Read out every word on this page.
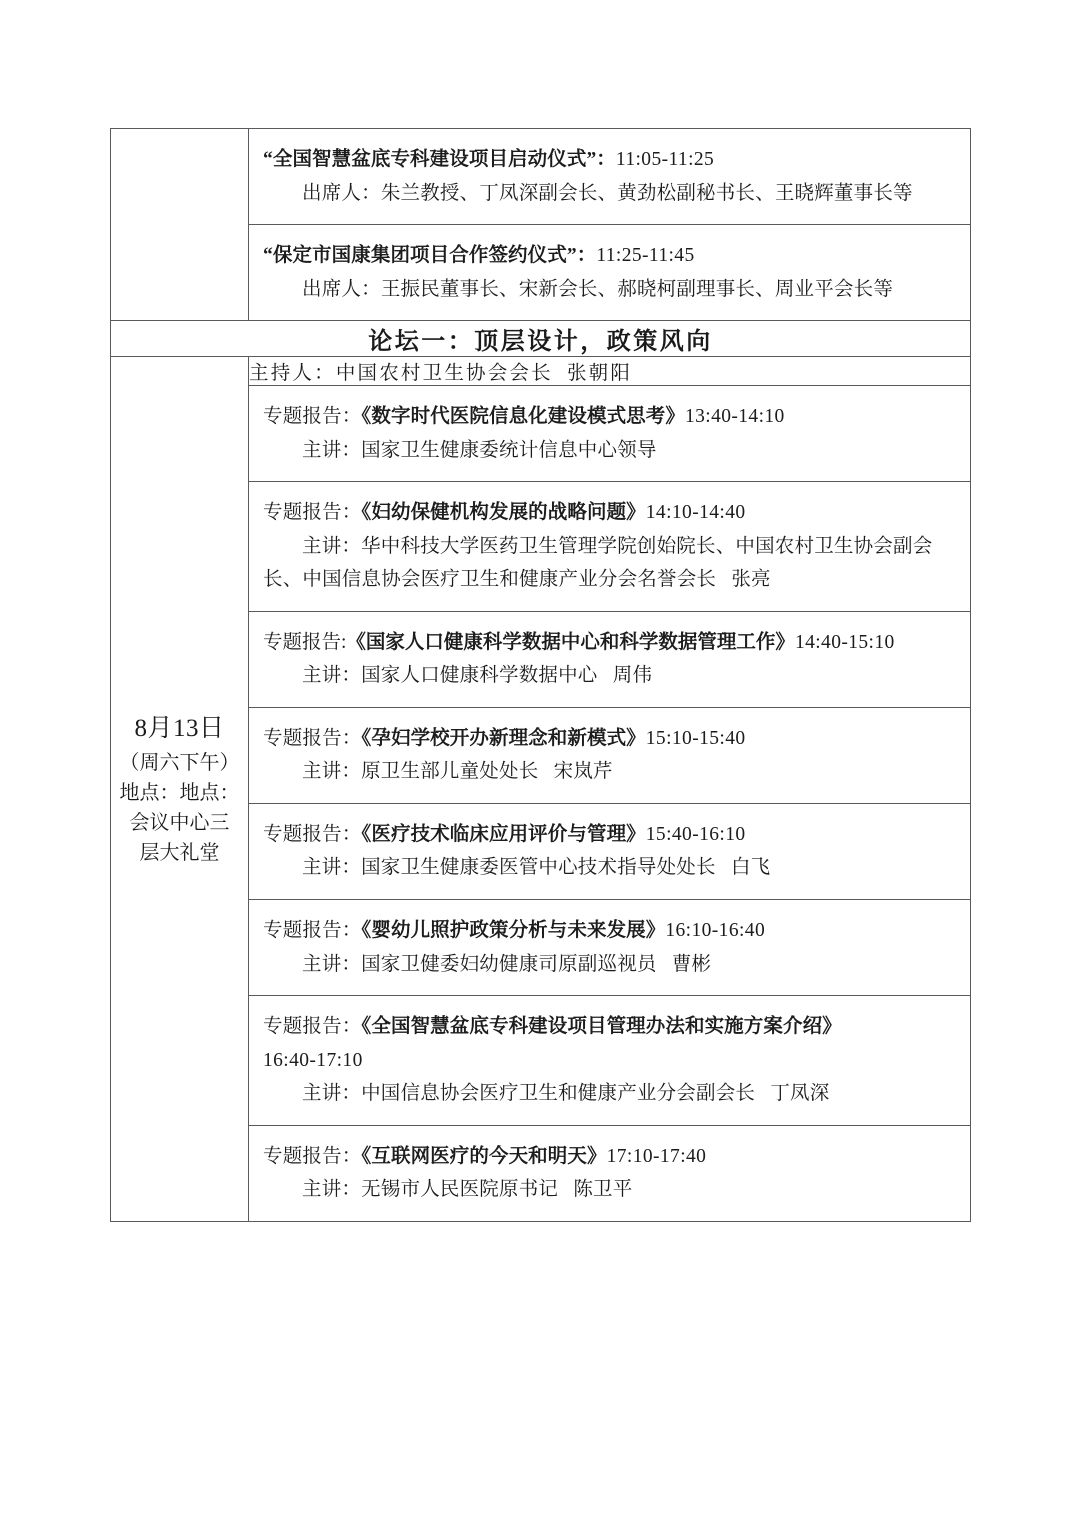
	“全国智慧盆底专科建设项目启动仪式”：11:05-11:25
出席人：朱兰教授、丁凤深副会长、黄劲松副秘书长、王晓辉董事长等

	“保定市国康集团项目合作签约仪式”：11:25-11:45
出席人：王振民董事长、宋新会长、郝晓柯副理事长、周业平会长等

论坛一：顶层设计，政策风向	

8月13日
（周六下午）
地点：地点：
会议中心三
层大礼堂	主持人：中国农村卫生协会会长 张朝阳

	专题报告：《数字时代医院信息化建设模式思考》13:40-14:10
主讲：国家卫生健康委统计信息中心领导

	专题报告：《妇幼保健机构发展的战略问题》14:10-14:40
主讲：华中科技大学医药卫生管理学院创始院长、中国农村卫生协会副会长、中国信息协会医疗卫生和健康产业分会名誉会长 张亮

	专题报告:《国家人口健康科学数据中心和科学数据管理工作》14:40-15:10
主讲：国家人口健康科学数据中心 周伟

	专题报告：《孕妇学校开办新理念和新模式》15:10-15:40
主讲：原卫生部儿童处处长 宋岚芹

	专题报告：《医疗技术临床应用评价与管理》15:40-16:10
主讲：国家卫生健康委医管中心技术指导处处长 白飞

	专题报告：《婴幼儿照护政策分析与未来发展》16:10-16:40
主讲：国家卫健委妇幼健康司原副巡视员 曹彬

	专题报告：《全国智慧盆底专科建设项目管理办法和实施方案介绍》
16:40-17:10
主讲：中国信息协会医疗卫生和健康产业分会副会长 丁凤深

	专题报告：《互联网医疗的今天和明天》17:10-17:40
主讲：无锡市人民医院原书记 陈卫平
